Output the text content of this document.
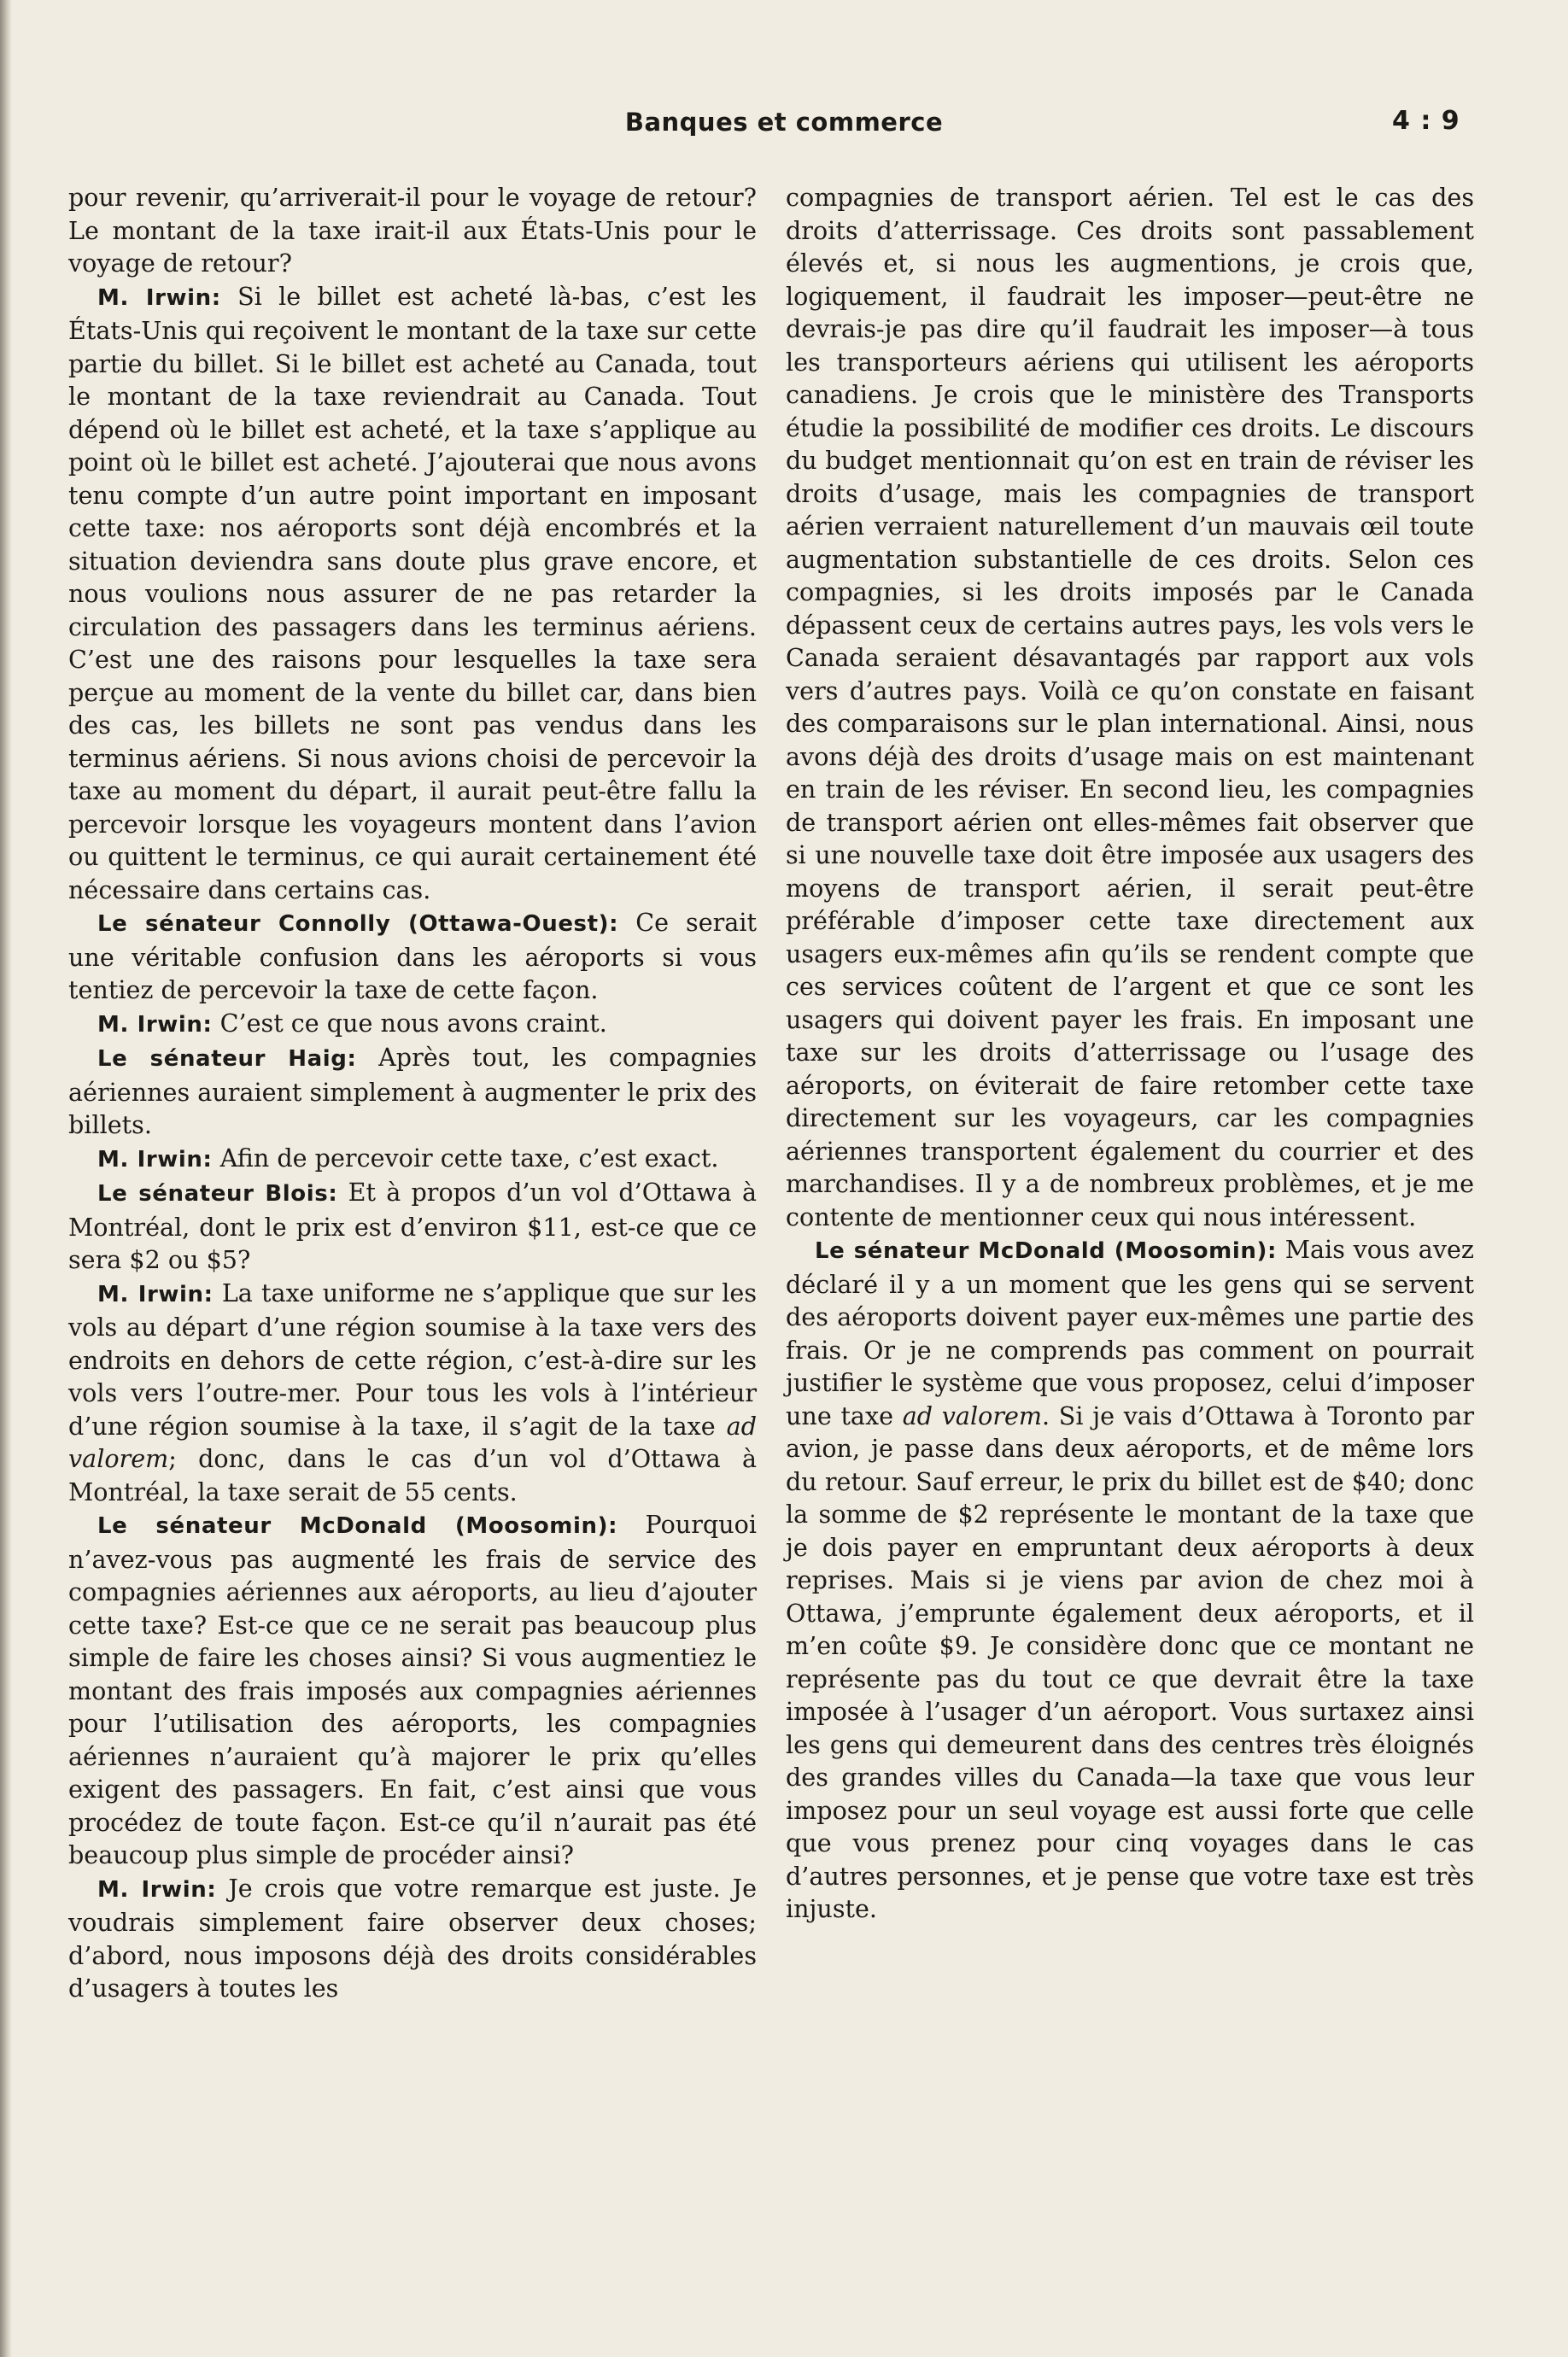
Banques et commerce	4 : 9

pour revenir, qu’arriverait-il pour le voyage de retour? Le montant de la taxe irait-il aux États-Unis pour le voyage de retour?

M. Irwin: Si le billet est acheté là-bas, c’est les États-Unis qui reçoivent le montant de la taxe sur cette partie du billet. Si le billet est acheté au Canada, tout le montant de la taxe reviendrait au Canada. Tout dépend où le billet est acheté, et la taxe s’applique au point où le billet est acheté. J’ajouterai que nous avons tenu compte d’un autre point important en imposant cette taxe: nos aéroports sont déjà encombrés et la situation deviendra sans doute plus grave encore, et nous voulions nous assurer de ne pas retarder la circulation des passagers dans les terminus aériens. C’est une des raisons pour lesquelles la taxe sera perçue au moment de la vente du billet car, dans bien des cas, les billets ne sont pas vendus dans les terminus aériens. Si nous avions choisi de percevoir la taxe au moment du départ, il aurait peut-être fallu la percevoir lorsque les voyageurs montent dans l’avion ou quittent le terminus, ce qui aurait certainement été nécessaire dans certains cas.

Le sénateur Connolly (Ottawa-Ouest): Ce serait une véritable confusion dans les aéroports si vous tentiez de percevoir la taxe de cette façon.

M. Irwin: C’est ce que nous avons craint.

Le sénateur Haig: Après tout, les compagnies aériennes auraient simplement à augmenter le prix des billets.

M. Irwin: Afin de percevoir cette taxe, c’est exact.

Le sénateur Blois: Et à propos d’un vol d’Ottawa à Montréal, dont le prix est d’environ $11, est-ce que ce sera $2 ou $5?

M. Irwin: La taxe uniforme ne s’applique que sur les vols au départ d’une région soumise à la taxe vers des endroits en dehors de cette région, c’est-à-dire sur les vols vers l’outre-mer. Pour tous les vols à l’intérieur d’une région soumise à la taxe, il s’agit de la taxe ad valorem; donc, dans le cas d’un vol d’Ottawa à Montréal, la taxe serait de 55 cents.

Le sénateur McDonald (Moosomin): Pourquoi n’avez-vous pas augmenté les frais de service des compagnies aériennes aux aéroports, au lieu d’ajouter cette taxe? Est-ce que ce ne serait pas beaucoup plus simple de faire les choses ainsi? Si vous augmentiez le montant des frais imposés aux compagnies aériennes pour l’utilisation des aéroports, les compagnies aériennes n’auraient qu’à majorer le prix qu’elles exigent des passagers. En fait, c’est ainsi que vous procédez de toute façon. Est-ce qu’il n’aurait pas été beaucoup plus simple de procéder ainsi?

M. Irwin: Je crois que votre remarque est juste. Je voudrais simplement faire observer deux choses; d’abord, nous imposons déjà des droits considérables d’usagers à toutes les

compagnies de transport aérien. Tel est le cas des droits d’atterrissage. Ces droits sont passablement élevés et, si nous les augmentions, je crois que, logiquement, il faudrait les imposer—peut-être ne devrais-je pas dire qu’il faudrait les imposer—à tous les transporteurs aériens qui utilisent les aéroports canadiens. Je crois que le ministère des Transports étudie la possibilité de modifier ces droits. Le discours du budget mentionnait qu’on est en train de réviser les droits d’usage, mais les compagnies de transport aérien verraient naturellement d’un mauvais œil toute augmentation substantielle de ces droits. Selon ces compagnies, si les droits imposés par le Canada dépassent ceux de certains autres pays, les vols vers le Canada seraient désavantagés par rapport aux vols vers d’autres pays. Voilà ce qu’on constate en faisant des comparaisons sur le plan international. Ainsi, nous avons déjà des droits d’usage mais on est maintenant en train de les réviser. En second lieu, les compagnies de transport aérien ont elles-mêmes fait observer que si une nouvelle taxe doit être imposée aux usagers des moyens de transport aérien, il serait peut-être préférable d’imposer cette taxe directement aux usagers eux-mêmes afin qu’ils se rendent compte que ces services coûtent de l’argent et que ce sont les usagers qui doivent payer les frais. En imposant une taxe sur les droits d’atterrissage ou l’usage des aéroports, on éviterait de faire retomber cette taxe directement sur les voyageurs, car les compagnies aériennes transportent également du courrier et des marchandises. Il y a de nombreux problèmes, et je me contente de mentionner ceux qui nous intéressent.

Le sénateur McDonald (Moosomin): Mais vous avez déclaré il y a un moment que les gens qui se servent des aéroports doivent payer eux-mêmes une partie des frais. Or je ne comprends pas comment on pourrait justifier le système que vous proposez, celui d’imposer une taxe ad valorem. Si je vais d’Ottawa à Toronto par avion, je passe dans deux aéroports, et de même lors du retour. Sauf erreur, le prix du billet est de $40; donc la somme de $2 représente le montant de la taxe que je dois payer en empruntant deux aéroports à deux reprises. Mais si je viens par avion de chez moi à Ottawa, j’emprunte également deux aéroports, et il m’en coûte $9. Je considère donc que ce montant ne représente pas du tout ce que devrait être la taxe imposée à l’usager d’un aéroport. Vous surtaxez ainsi les gens qui demeurent dans des centres très éloignés des grandes villes du Canada—la taxe que vous leur imposez pour un seul voyage est aussi forte que celle que vous prenez pour cinq voyages dans le cas d’autres personnes, et je pense que votre taxe est très injuste.
